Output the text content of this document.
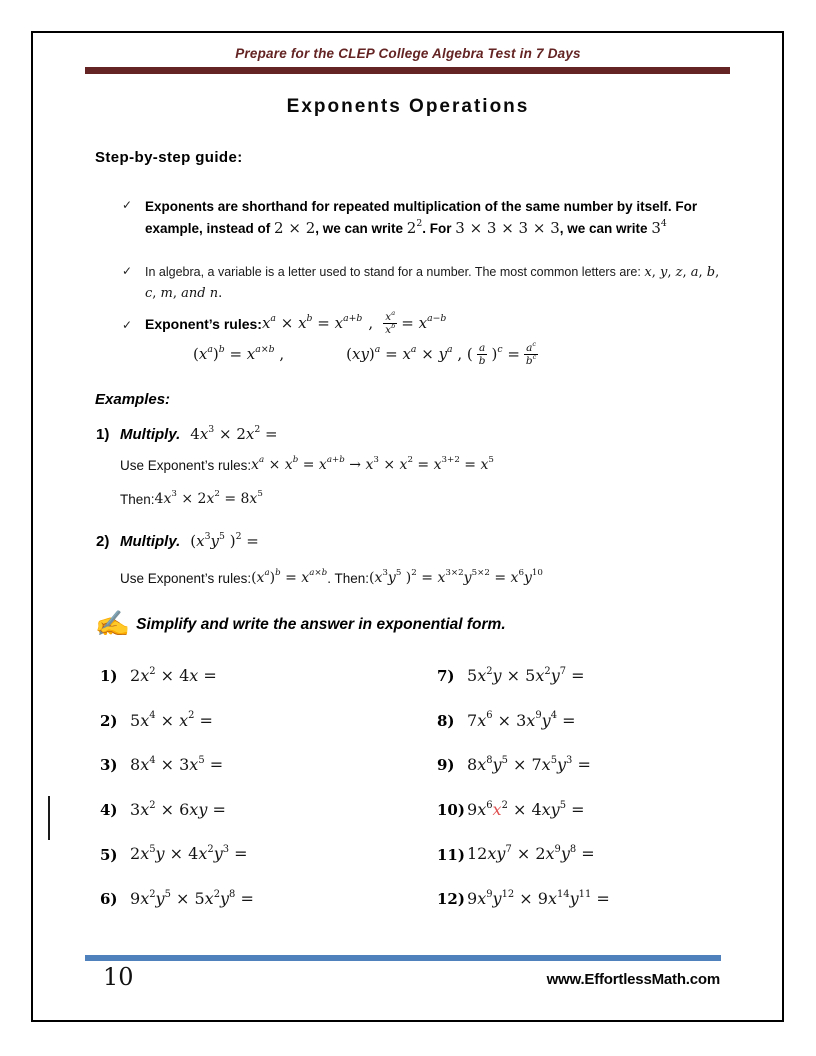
Prepare for the CLEP College Algebra Test in 7 Days
Exponents Operations
Step-by-step guide:
✓ Exponents are shorthand for repeated multiplication of the same number by itself. For example, instead of 2 × 2, we can write $2^2$. For 3 × 3 × 3 × 3, we can write $3^4$
✓	In algebra, a variable is a letter used to stand for a number. The most common letters are: x, y, z, a, b, c, m, and n.
✓ Exponent’s rules: $x^a \times x^b = x^{a+b}$ , $\frac{x^a}{x^b} = x^{a-b}$
$(x^a)^b = x^{a\times b}$ ,	$(xy)^a = x^a \times y^a$ , ( $\frac{a}{b} )^c = \frac{a^c}{b^c}$
Examples:
1) Multiply. $4x^3 \times 2x^2$ =
Use Exponent’s rules: $x^a \times x^b = x^{a+b} \to x^3 \times x^2 = x^{3+2} = x^5$
Then: $4x^3 \times 2x^2 = 8x^5$
2) Multiply. ($x^3y^5$ )$^2$ =
Use Exponent’s rules: $(x^a)^b = x^{a\times b}$ . Then: ($x^3y^5$ )$^2 = x^{3\times 2}y^{5\times 2} = x^6y^{10}$
✍ Simplify and write the answer in exponential form.
1) $2x^2 \times 4x$ =
2) $5x^4 \times x^2$ =
3) $8x^4 \times 3x^5$ =
4) $3x^2 \times 6xy$ =
5) $2x^5y \times 4x^2y^3$ =
6) $9x^2y^5 \times 5x^2y^8$ =
7) $5x^2y \times 5x^2y^7$ =
8) $7x^6 \times 3x^9y^4$ =
9) $8x^8y^5 \times 7x^5y^3$ =
10) $9x^6x^2 \times 4xy^5$ =
11) $12xy^7 \times 2x^9y^8$ =
12) $9x^9y^{12} \times 9x^{14}y^{11}$ =
10	www.EffortlessMath.com
